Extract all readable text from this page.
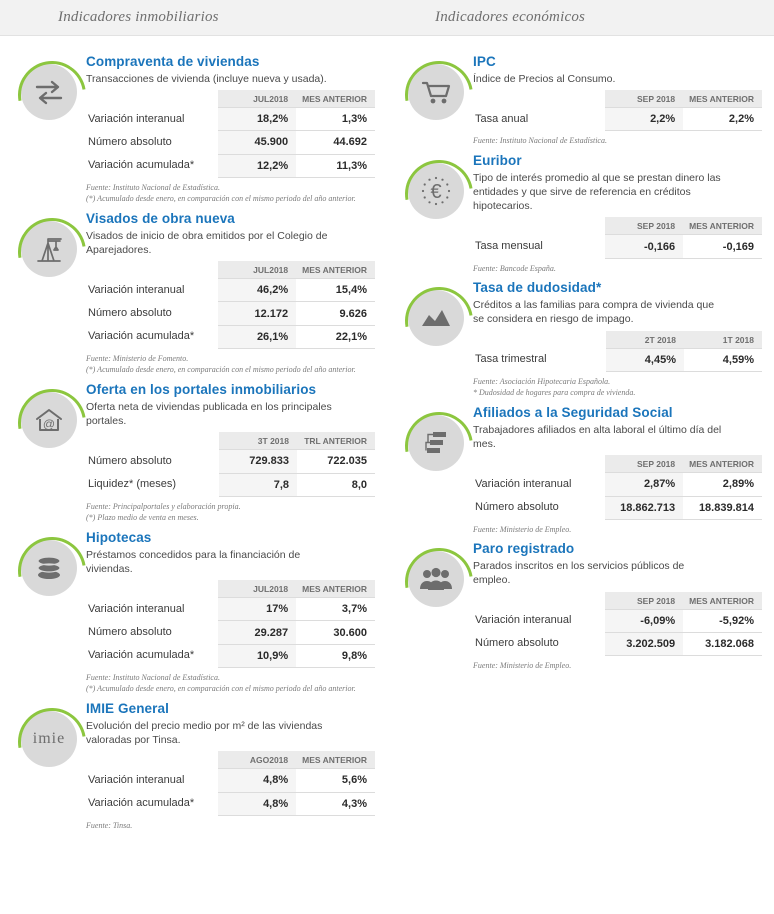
Indicadores inmobiliarios	Indicadores económicos
Compraventa de viviendas
Transacciones de vivienda (incluye nueva y usada).
	JUL2018	MES ANTERIOR
Variación interanual	18,2%	1,3%
Número absoluto	45.900	44.692
Variación acumulada*	12,2%	11,3%

Fuente: Instituto Nacional de Estadística.

(*) Acumulado desde enero, en comparación con el mismo periodo del año anterior.

Visados de obra nueva
Visados de inicio de obra emitidos por el Colegio de Aparejadores.
	JUL2018	MES ANTERIOR
Variación interanual	46,2%	15,4%
Número absoluto	12.172	9.626
Variación acumulada*	26,1%	22,1%

Fuente: Ministerio de Fomento.

(*) Acumulado desde enero, en comparación con el mismo periodo del año anterior.

@
Oferta en los portales inmobiliarios
Oferta neta de viviendas publicada en los principales portales.
	3T 2018	TRL ANTERIOR
Número absoluto	729.833	722.035
Liquidez* (meses)	7,8	8,0

Fuente: Principalportales y elaboración propia.

(*) Plazo medio de venta en meses.

Hipotecas
Préstamos concedidos para la financiación de viviendas.
	JUL2018	MES ANTERIOR
Variación interanual	17%	3,7%
Número absoluto	29.287	30.600
Variación acumulada*	10,9%	9,8%

Fuente: Instituto Nacional de Estadística.

(*) Acumulado desde enero, en comparación con el mismo periodo del año anterior.

imie
IMIE General
Evolución del precio medio por m² de las viviendas valoradas por Tinsa.
	AGO2018	MES ANTERIOR
Variación interanual	4,8%	5,6%
Variación acumulada*	4,8%	4,3%

Fuente: Tinsa.

IPC
Índice de Precios al Consumo.
	SEP 2018	MES ANTERIOR
Tasa anual	2,2%	2,2%

Fuente: Instituto Nacional de Estadística.

€
Euribor
Tipo de interés promedio al que se prestan dinero las entidades y que sirve de referencia en créditos hipotecarios.
	SEP 2018	MES ANTERIOR
Tasa mensual	-0,166	-0,169

Fuente: Bancode España.

Tasa de dudosidad*
Créditos a las familias para compra de vivienda que se considera en riesgo de impago.
	2T 2018	1T 2018
Tasa trimestral	4,45%	4,59%

Fuente: Asociación Hipotecaria Española.

* Dudosidad de hogares para compra de vivienda.

Afiliados a la Seguridad Social
Trabajadores afiliados en alta laboral el último día del mes.
	SEP 2018	MES ANTERIOR
Variación interanual	2,87%	2,89%
Número absoluto	18.862.713	18.839.814

Fuente: Ministerio de Empleo.

Paro registrado
Parados inscritos en los servicios públicos de empleo.
	SEP 2018	MES ANTERIOR
Variación interanual	-6,09%	-5,92%
Número absoluto	3.202.509	3.182.068

Fuente: Ministerio de Empleo.
